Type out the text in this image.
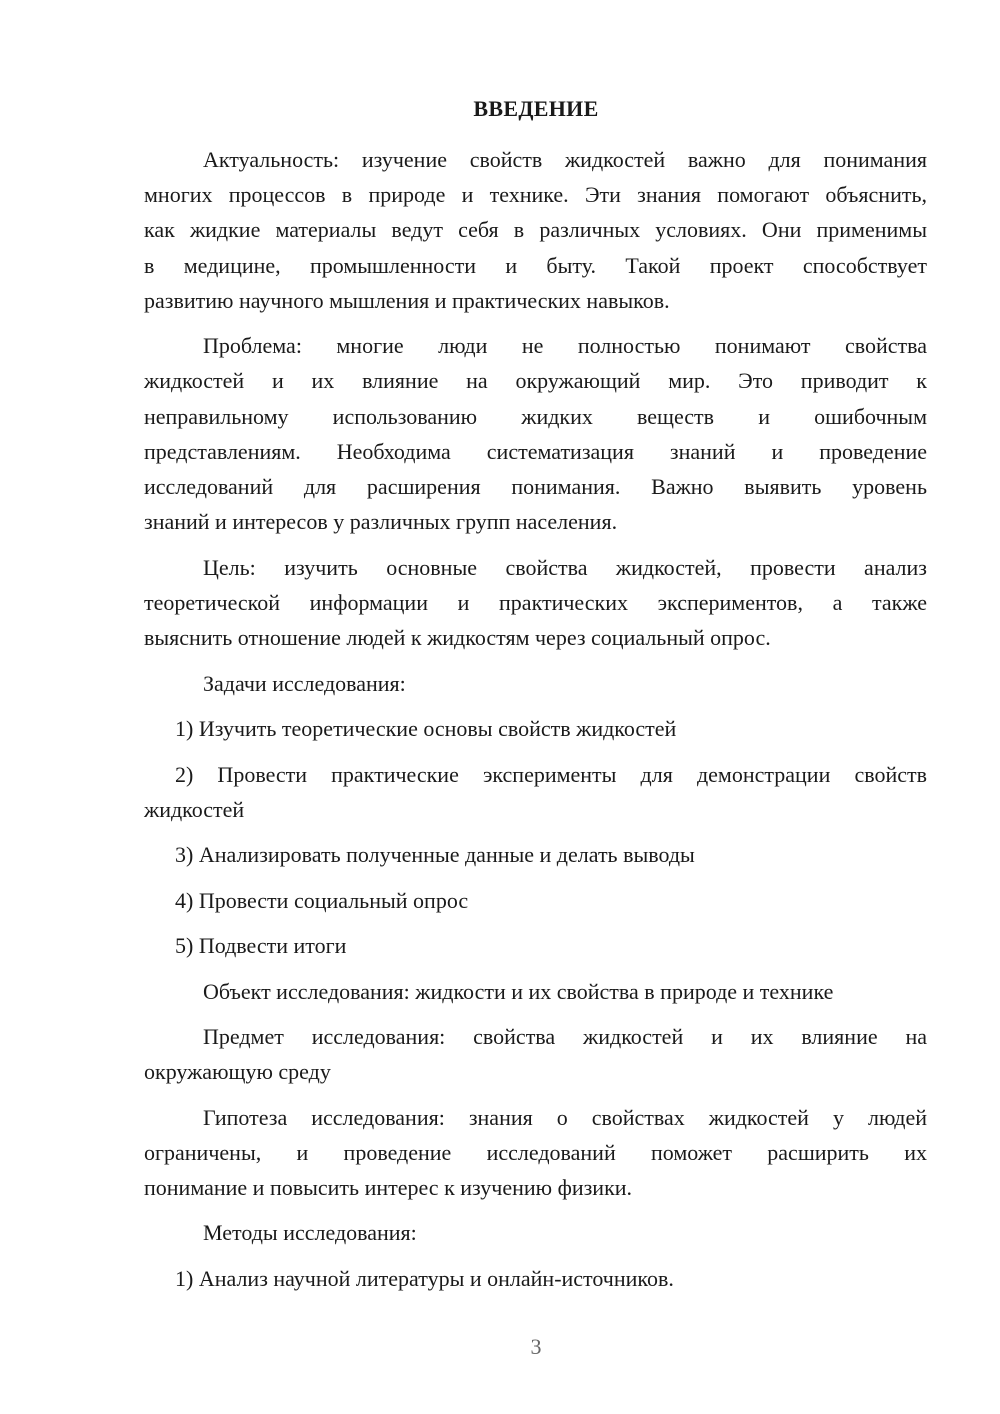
ВВЕДЕНИЕ
Актуальность: изучение свойств жидкостей важно для понимания
многих процессов в природе и технике. Эти знания помогают объяснить,
как жидкие материалы ведут себя в различных условиях. Они применимы
в медицине, промышленности и быту. Такой проект способствует
развитию научного мышления и практических навыков.
Проблема: многие люди не полностью понимают свойства
жидкостей и их влияние на окружающий мир. Это приводит к
неправильному использованию жидких веществ и ошибочным
представлениям. Необходима систематизация знаний и проведение
исследований для расширения понимания. Важно выявить уровень
знаний и интересов у различных групп населения.
Цель: изучить основные свойства жидкостей, провести анализ
теоретической информации и практических экспериментов, а также
выяснить отношение людей к жидкостям через социальный опрос.
Задачи исследования:
1) Изучить теоретические основы свойств жидкостей
2) Провести практические эксперименты для демонстрации свойств
жидкостей
3) Анализировать полученные данные и делать выводы
4) Провести социальный опрос
5) Подвести итоги
Объект исследования: жидкости и их свойства в природе и технике
Предмет исследования: свойства жидкостей и их влияние на
окружающую среду
Гипотеза исследования: знания о свойствах жидкостей у людей
ограничены, и проведение исследований поможет расширить их
понимание и повысить интерес к изучению физики.
Методы исследования:
1) Анализ научной литературы и онлайн-источников.
3
